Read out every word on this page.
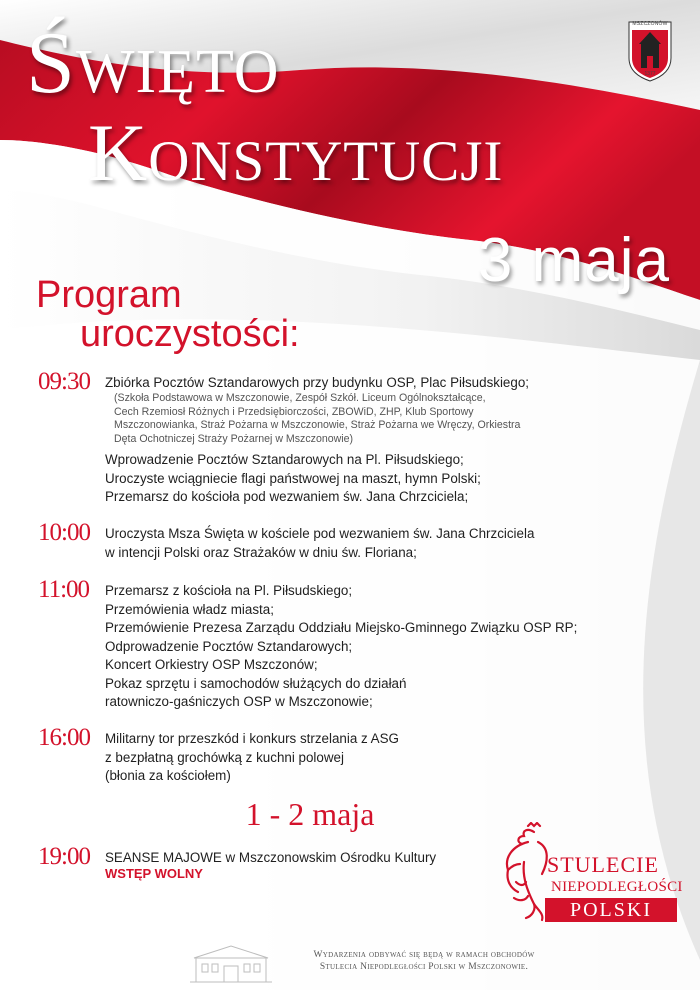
MSZCZONÓW
1377
Święto
Konstytucji
3 maja
Program
uroczystości:
09:30 Zbiórka Pocztów Sztandarowych przy budynku OSP, Plac Piłsudskiego;
(Szkoła Podstawowa w Mszczonowie, Zespół Szkół. Liceum Ogólnokształcące,
Cech Rzemiosł Różnych i Przedsiębiorczości, ZBOWiD, ZHP, Klub Sportowy
Mszczonowianka, Straż Pożarna w Mszczonowie, Straż Pożarna we Wręczy, Orkiestra
Dęta Ochotniczej Straży Pożarnej w Mszczonowie)
Wprowadzenie Pocztów Sztandarowych na Pl. Piłsudskiego;
Uroczyste wciągniecie flagi państwowej na maszt, hymn Polski;
Przemarsz do kościoła pod wezwaniem św. Jana Chrzciciela;
10:00 Uroczysta Msza Święta w kościele pod wezwaniem św. Jana Chrzciciela
w intencji Polski oraz Strażaków w dniu św. Floriana;
11:00 Przemarsz z kościoła na Pl. Piłsudskiego;
Przemówienia władz miasta;
Przemówienie Prezesa Zarządu Oddziału Miejsko-Gminnego Związku OSP RP;
Odprowadzenie Pocztów Sztandarowych;
Koncert Orkiestry OSP Mszczonów;
Pokaz sprzętu i samochodów służących do działań
ratowniczo-gaśniczych OSP w Mszczonowie;
16:00 Militarny tor przeszkód i konkurs strzelania z ASG
z bezpłatną grochówką z kuchni polowej
(błonia za kościołem)
1 - 2 maja
19:00 SEANSE MAJOWE w Mszczonowskim Ośrodku Kultury
WSTĘP WOLNY	STULECIE
NIEPODLEGŁOŚCI
POLSKI
Wydarzenia odbywać się będą w ramach obchodów
Stulecia Niepodległości Polski w Mszczonowie.
